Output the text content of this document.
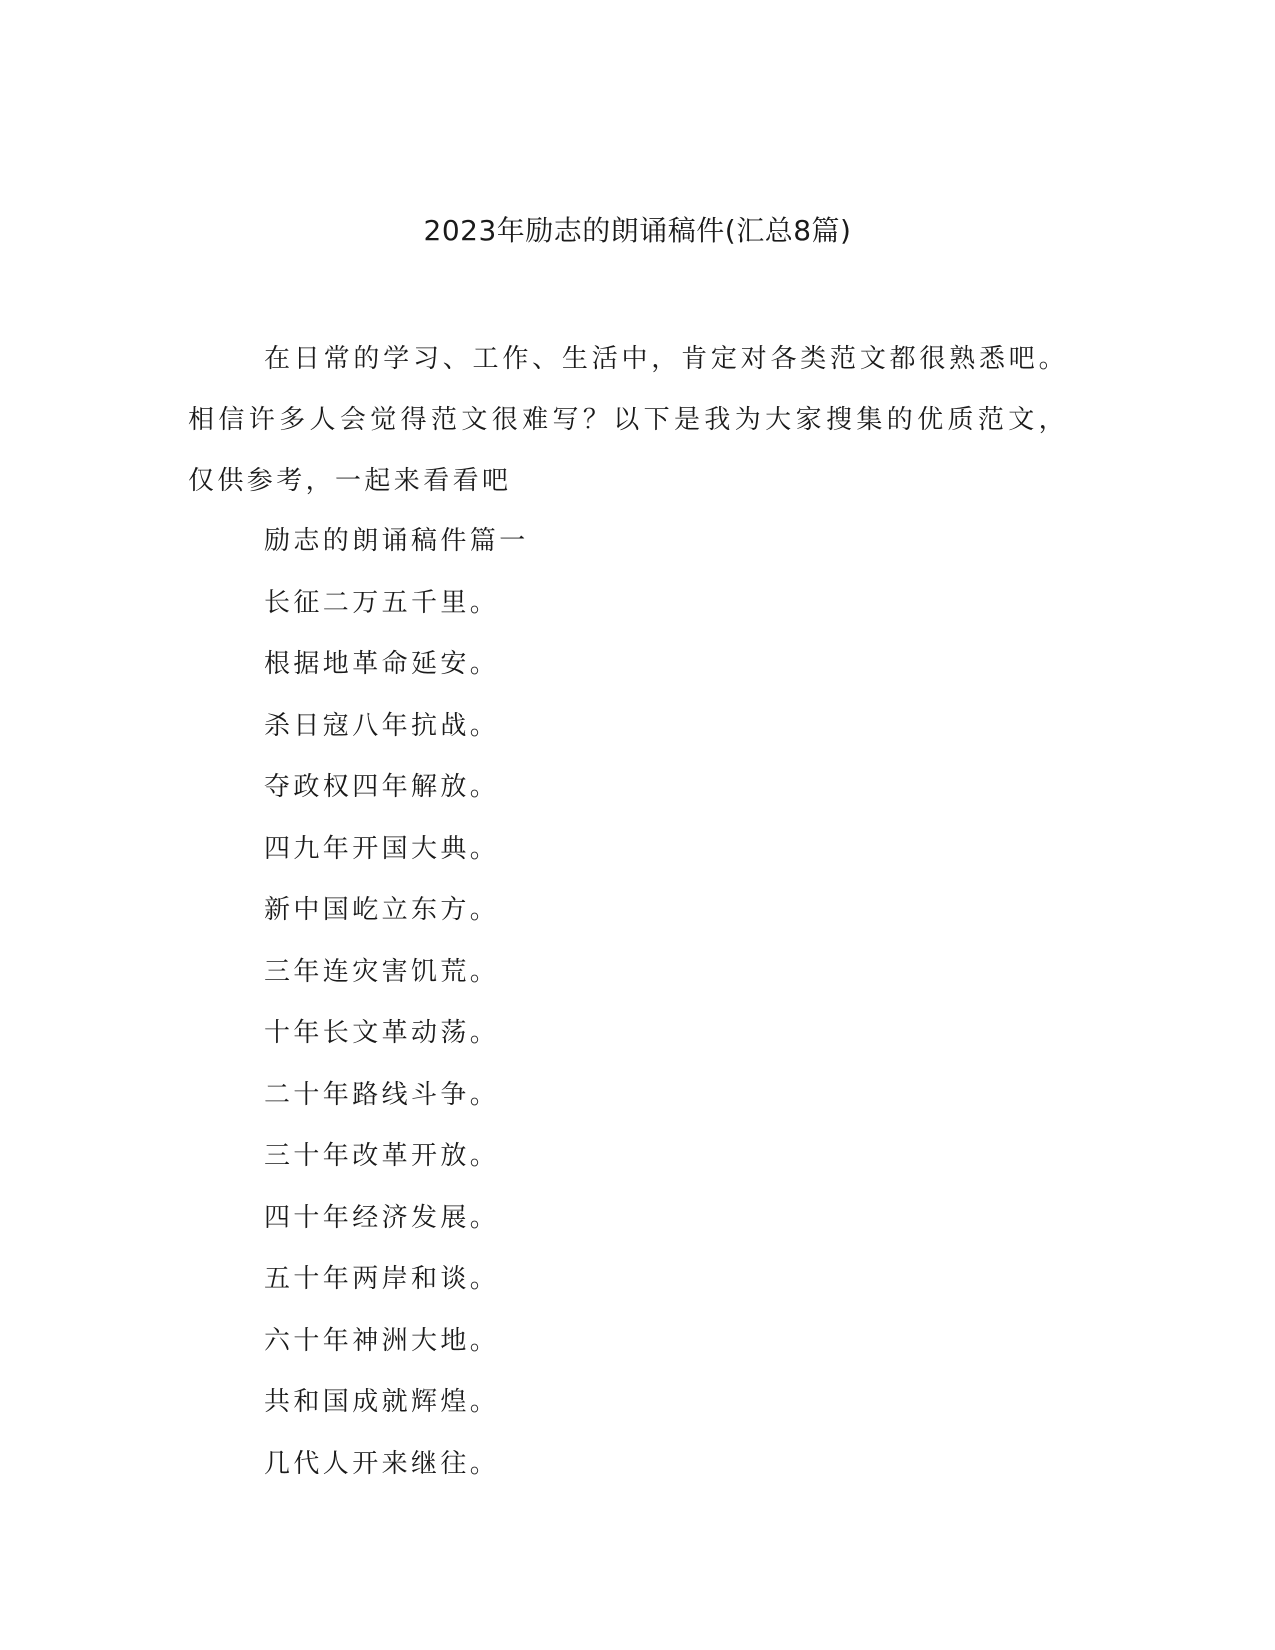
2023年励志的朗诵稿件(汇总8篇)

在日常的学习、工作、生活中，肯定对各类范文都很熟悉吧。相信许多人会觉得范文很难写？以下是我为大家搜集的优质范文，仅供参考，一起来看看吧

励志的朗诵稿件篇一
长征二万五千里。
根据地革命延安。
杀日寇八年抗战。
夺政权四年解放。
四九年开国大典。
新中国屹立东方。
三年连灾害饥荒。
十年长文革动荡。
二十年路线斗争。
三十年改革开放。
四十年经济发展。
五十年两岸和谈。
六十年神洲大地。
共和国成就辉煌。
几代人开来继往。
